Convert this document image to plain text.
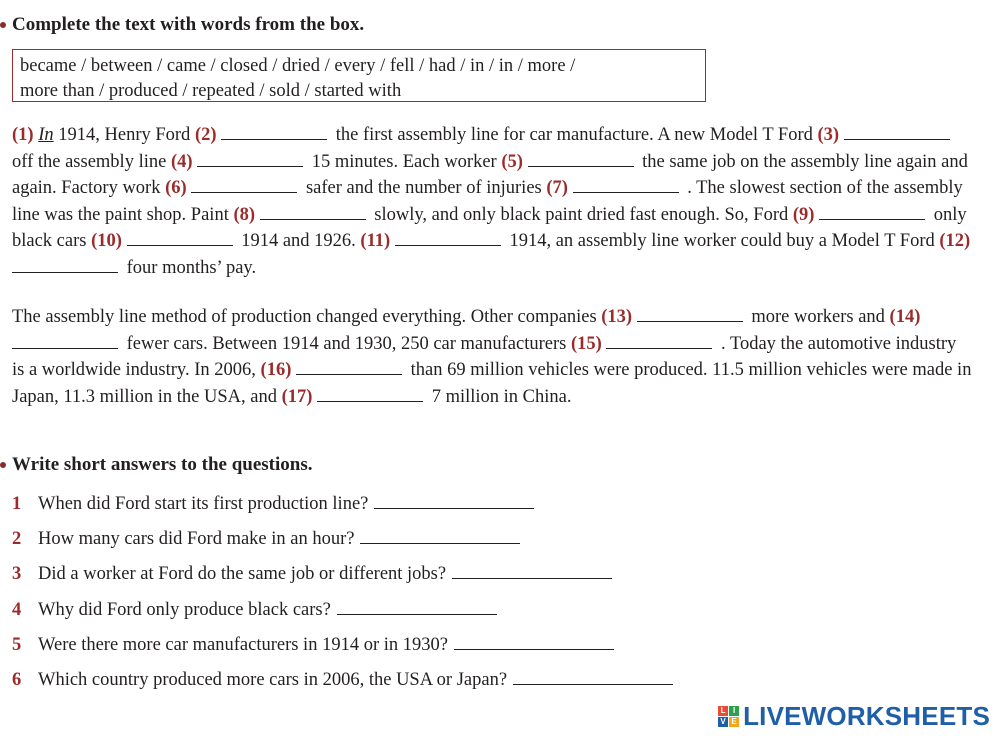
Complete the text with words from the box.
became / between / came / closed / dried / every / fell / had / in / in / more /
more than / produced / repeated / sold / started with

(1) In 1914, Henry Ford (2)	the first assembly line for car manufacture. A new Model T Ford (3)  off the assembly line (4)	15 minutes. Each worker (5)	the same job on the assembly line again and again. Factory work (6)	safer and the number of injuries (7)	. The slowest section of the assembly line was the paint shop. Paint (8)	slowly, and only black paint dried fast enough. So, Ford (9)	only black cars (10)	1914 and 1926. (11)	1914, an assembly line worker could buy a Model T Ford (12)  four months’ pay.

The assembly line method of production changed everything. Other companies (13)	more workers and (14)  fewer cars. Between 1914 and 1930, 250 car manufacturers (15)	. Today the automotive industry is a worldwide industry. In 2006, (16)	than 69 million vehicles were produced. 11.5 million vehicles were made in Japan, 11.3 million in the USA, and (17)	7 million in China.

Write short answers to the questions.
1 When did Ford start its first production line?
2 How many cars did Ford make in an hour?
3 Did a worker at Ford do the same job or different jobs?
4 Why did Ford only produce black cars?
5 Were there more car manufacturers in 1914 or in 1930?
6 Which country produced more cars in 2006, the USA or Japan?
L I
V E LIVEWORKSHEETS
